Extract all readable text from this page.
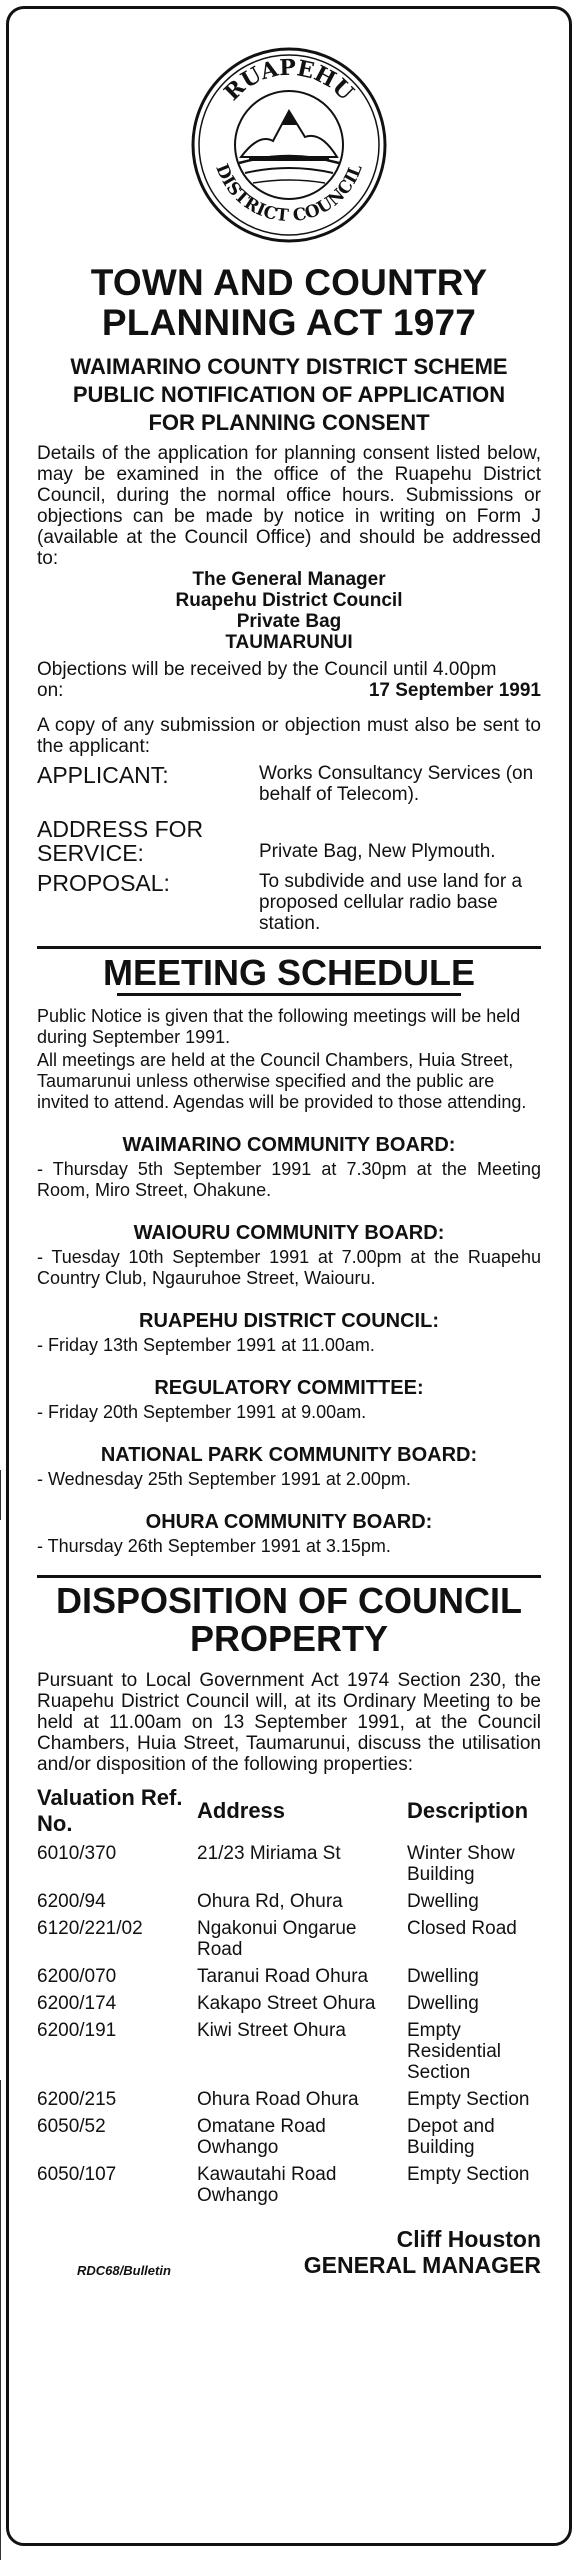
RUAPEHU
DISTRICT COUNCIL
TOWN AND COUNTRY
PLANNING ACT 1977
WAIMARINO COUNTY DISTRICT SCHEME
PUBLIC NOTIFICATION OF APPLICATION
FOR PLANNING CONSENT

Details of the application for planning consent listed below, may be examined in the office of the Ruapehu District Council, during the normal office hours. Submissions or objections can be made by notice in writing on Form J (available at the Council Office) and should be addressed to:

The General Manager
Ruapehu District Council
Private Bag
TAUMARUNUI

Objections will be received by the Council until 4.00pm

on:	17 September 1991

A copy of any submission or objection must also be sent to the applicant:

APPLICANT:	Works Consultancy Services (on behalf of Telecom).
ADDRESS FOR
SERVICE:	Private Bag, New Plymouth.
PROPOSAL:	To subdivide and use land for a proposed cellular radio base station.
MEETING SCHEDULE

Public Notice is given that the following meetings will be held during September 1991.

All meetings are held at the Council Chambers, Huia Street, Taumarunui unless otherwise specified and the public are invited to attend. Agendas will be provided to those attending.

WAIMARINO COMMUNITY BOARD:
- Thursday 5th September 1991 at 7.30pm at the Meeting Room, Miro Street, Ohakune.
WAIOURU COMMUNITY BOARD:
- Tuesday 10th September 1991 at 7.00pm at the Ruapehu Country Club, Ngauruhoe Street, Waiouru.
RUAPEHU DISTRICT COUNCIL:
- Friday 13th September 1991 at 11.00am.
REGULATORY COMMITTEE:
- Friday 20th September 1991 at 9.00am.
NATIONAL PARK COMMUNITY BOARD:
- Wednesday 25th September 1991 at 2.00pm.
OHURA COMMUNITY BOARD:
- Thursday 26th September 1991 at 3.15pm.
DISPOSITION OF COUNCIL
PROPERTY

Pursuant to Local Government Act 1974 Section 230, the Ruapehu District Council will, at its Ordinary Meeting to be held at 11.00am on 13 September 1991, at the Council Chambers, Huia Street, Taumarunui, discuss the utilisation and/or disposition of the following properties:

Valuation Ref. No.	Address	Description
6010/370	21/23 Miriama St	Winter Show Building
6200/94	Ohura Rd, Ohura	Dwelling
6120/221/02	Ngakonui Ongarue Road	Closed Road
6200/070	Taranui Road Ohura	Dwelling
6200/174	Kakapo Street Ohura	Dwelling
6200/191	Kiwi Street Ohura	Empty Residential Section
6200/215	Ohura Road Ohura	Empty Section
6050/52	Omatane Road Owhango	Depot and Building
6050/107	Kawautahi Road Owhango	Empty Section
Cliff Houston
RDC68/Bulletin	GENERAL MANAGER
